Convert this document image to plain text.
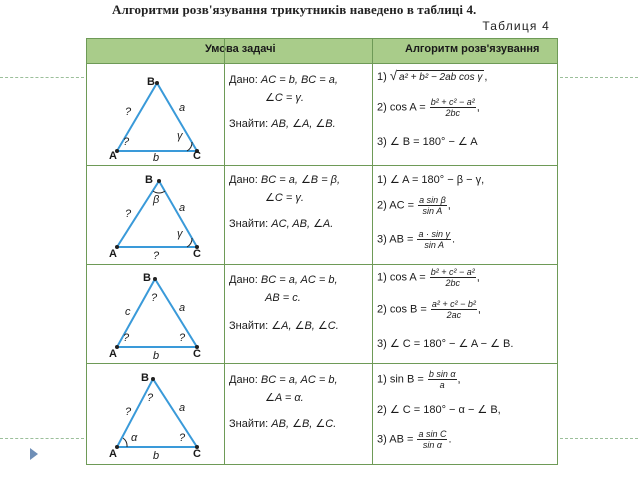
Алгоритми розв'язування трикутників наведено в таблиці 4.
Таблиця 4
Умова задачі	Алгоритм розв'язування
B
A	C
?	a
b
γ
?
Дано: AC = b, BC = a,
∠C = γ.
Знайти: AB, ∠A, ∠B.
1) √ a² + b² − 2ab cos γ ,
2) $\cos A = \frac{\text{b² + c² − a²}}{2bc}$ ,
3) ∠ B = 180° − ∠ A
B
A	C
β
?	a
?
γ
Дано: BC = a, ∠B = β,
∠C = γ.
Знайти: AC, AB, ∠A.
1) ∠ A = 180° − β − γ,
2) AC = $\frac{\text{a sin β}}{\text{sin A}}$ ,
3) AB = $\frac{\text{a · sin γ}}{\text{sin A}}$ .
B
A	C
c	a
b
?
?	?
Дано: BC = a, AC = b,
AB = c.
Знайти: ∠A, ∠B, ∠C.
1) $\cos A = \frac{\text{b² + c² − a²}}{2bc}$ ,
2) $\cos B = \frac{\text{a² + c² − b²}}{2ac}$ ,
3) ∠ C = 180° − ∠ A − ∠ B.
B
A	C
?	a
b
α
?
?
Дано: BC = a, AC = b,
∠A = α.
Знайти: AB, ∠B, ∠C.
1) $\sin B = \frac{\text{b sin α}}{a}$ ,
2) ∠ C = 180° − α − ∠ B,
3) AB = $\frac{\text{a sin C}}{\text{sin α}}$ .
